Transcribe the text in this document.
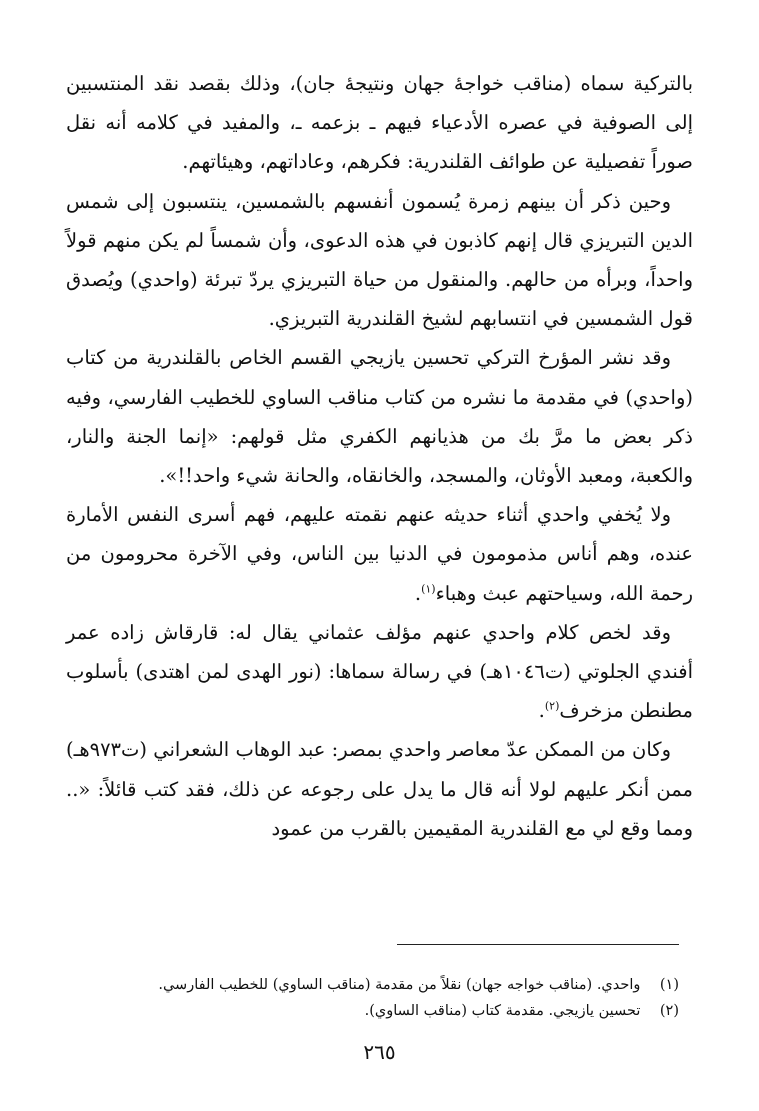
بالتركية سماه (مناقب خواجهٔ جهان ونتيجهٔ جان)، وذلك بقصد نقد المنتسبين إلى الصوفية في عصره الأدعياء فيهم ـ بزعمه ـ، والمفيد في كلامه أنه نقل صوراً تفصيلية عن طوائف القلندرية: فكرهم، وعاداتهم، وهيئاتهم.

وحين ذكر أن بينهم زمرة يُسمون أنفسهم بالشمسين، ينتسبون إلى شمس الدين التبريزي قال إنهم كاذبون في هذه الدعوى، وأن شمساً لم يكن منهم قولاً واحداً، وبرأه من حالهم. والمنقول من حياة التبريزي يردّ تبرئة (واحدي) ويُصدق قول الشمسين في انتسابهم لشيخ القلندرية التبريزي.

وقد نشر المؤرخ التركي تحسين يازيجي القسم الخاص بالقلندرية من كتاب (واحدي) في مقدمة ما نشره من كتاب مناقب الساوي للخطيب الفارسي، وفيه ذكر بعض ما مرَّ بك من هذيانهم الكفري مثل قولهم: «إنما الجنة والنار، والكعبة، ومعبد الأوثان، والمسجد، والخانقاه، والحانة شيء واحد!!».

ولا يُخفي واحدي أثناء حديثه عنهم نقمته عليهم، فهم أسرى النفس الأمارة عنده، وهم أناس مذمومون في الدنيا بين الناس، وفي الآخرة محرومون من رحمة الله، وسياحتهم عبث وهباء$^{(١)}$.

وقد لخص كلام واحدي عنهم مؤلف عثماني يقال له: قارقاش زاده عمر أفندي الجلوتي (ت١٠٤٦هـ) في رسالة سماها: (نور الهدى لمن اهتدى) بأسلوب مطنطن مزخرف$^{(٢)}$.

وكان من الممكن عدّ معاصر واحدي بمصر: عبد الوهاب الشعراني (ت٩٧٣هـ) ممن أنكر عليهم لولا أنه قال ما يدل على رجوعه عن ذلك، فقد كتب قائلاً: «.. ومما وقع لي مع القلندرية المقيمين بالقرب من عمود

(١) واحدي. (مناقب خواجه جهان) نقلاً من مقدمة (مناقب الساوي) للخطيب الفارسي.
(٢) تحسين يازيجي. مقدمة كتاب (مناقب الساوي).
٢٦٥
